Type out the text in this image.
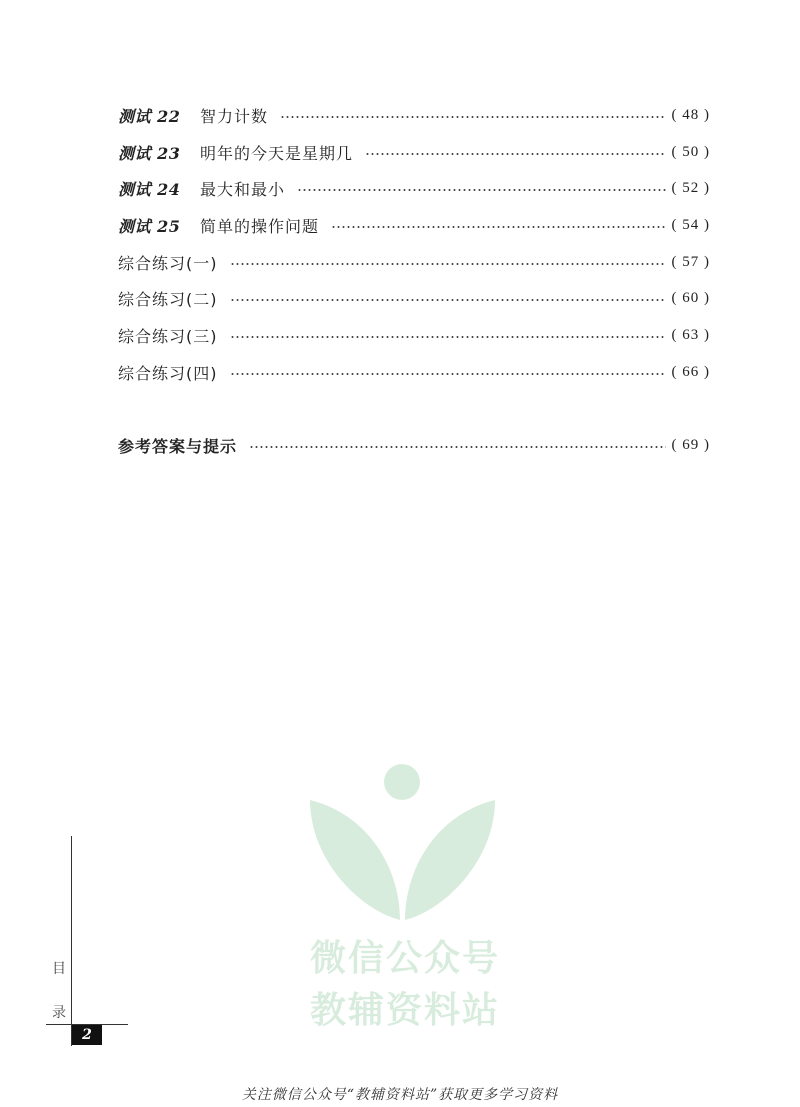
测试 22	智力计数	( 48 )
测试 23	明年的今天是星期几	( 50 )
测试 24	最大和最小	( 52 )
测试 25	简单的操作问题	( 54 )
综合练习(一)	( 57 )
综合练习(二)	( 60 )
综合练习(三)	( 63 )
综合练习(四)	( 66 )
参考答案与提示	( 69 )
微信公众号
教辅资料站
目
录
2
关注微信公众号“教辅资料站”获取更多学习资料
